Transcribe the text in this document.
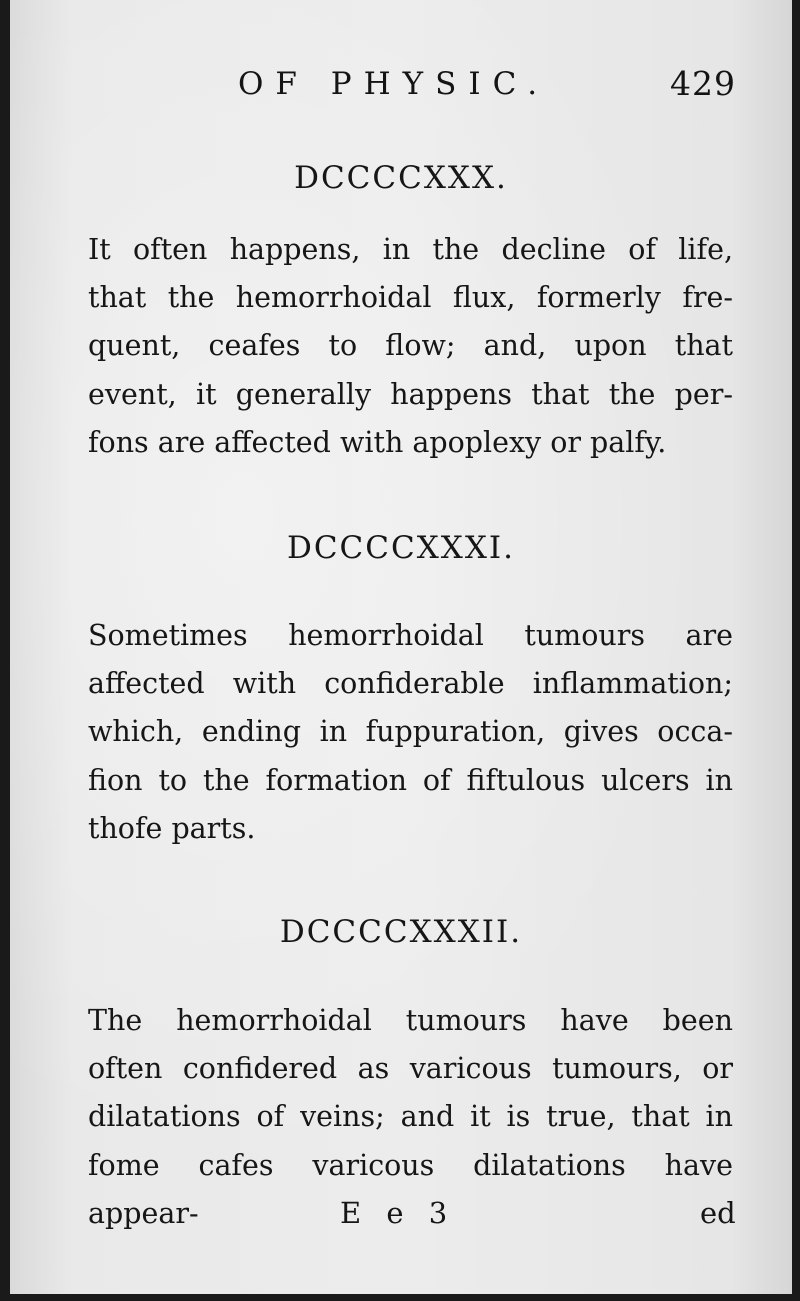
OF PHYSIC.	429
DCCCCXXX.
It often happens, in the decline of life,
that the hemorrhoidal flux, formerly fre-
quent, ceafes to flow; and, upon that
event, it generally happens that the per-
fons are affected with apoplexy or palfy.
DCCCCXXXI.
Sometimes hemorrhoidal tumours are
affected with confiderable inflammation;
which, ending in fuppuration, gives occa-
fion to the formation of fiftulous ulcers in
thofe parts.
DCCCCXXXII.
The hemorrhoidal tumours have been
often confidered as varicous tumours, or
dilatations of veins; and it is true, that in
fome cafes varicous dilatations have appear-	E e 3	ed
